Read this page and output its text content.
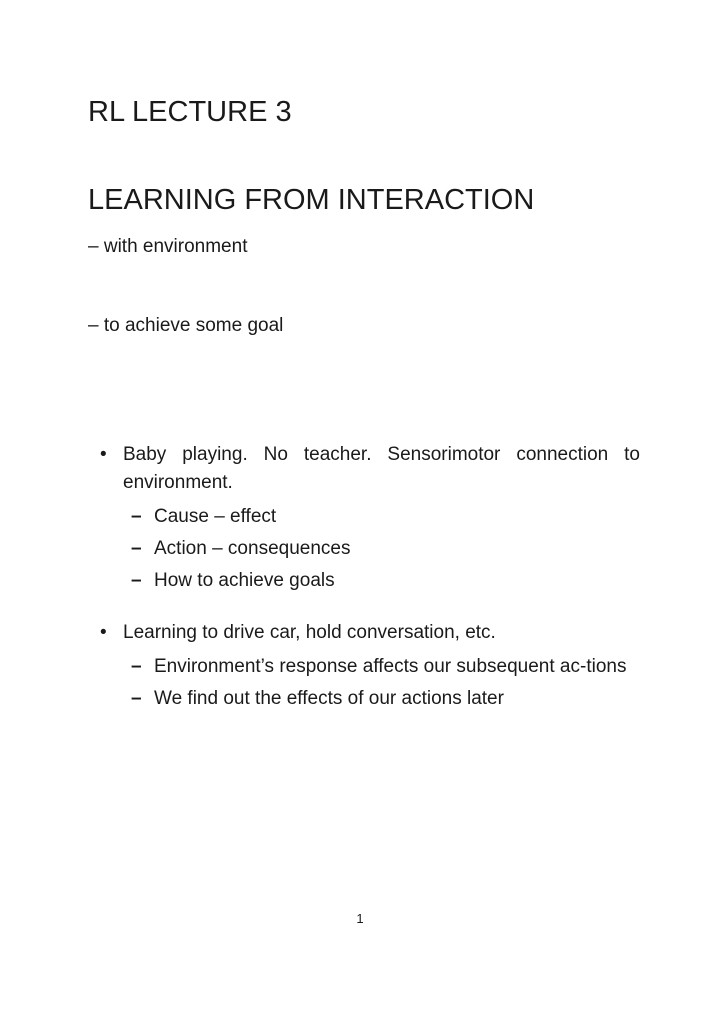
RL LECTURE 3
LEARNING FROM INTERACTION

– with environment

– to achieve some goal

• Baby playing. No teacher. Sensorimotor connection to environment.
– Cause – effect
– Action – consequences
– How to achieve goals
• Learning to drive car, hold conversation, etc.
– Environment’s response affects our subsequent ac-tions
– We find out the effects of our actions later
1
